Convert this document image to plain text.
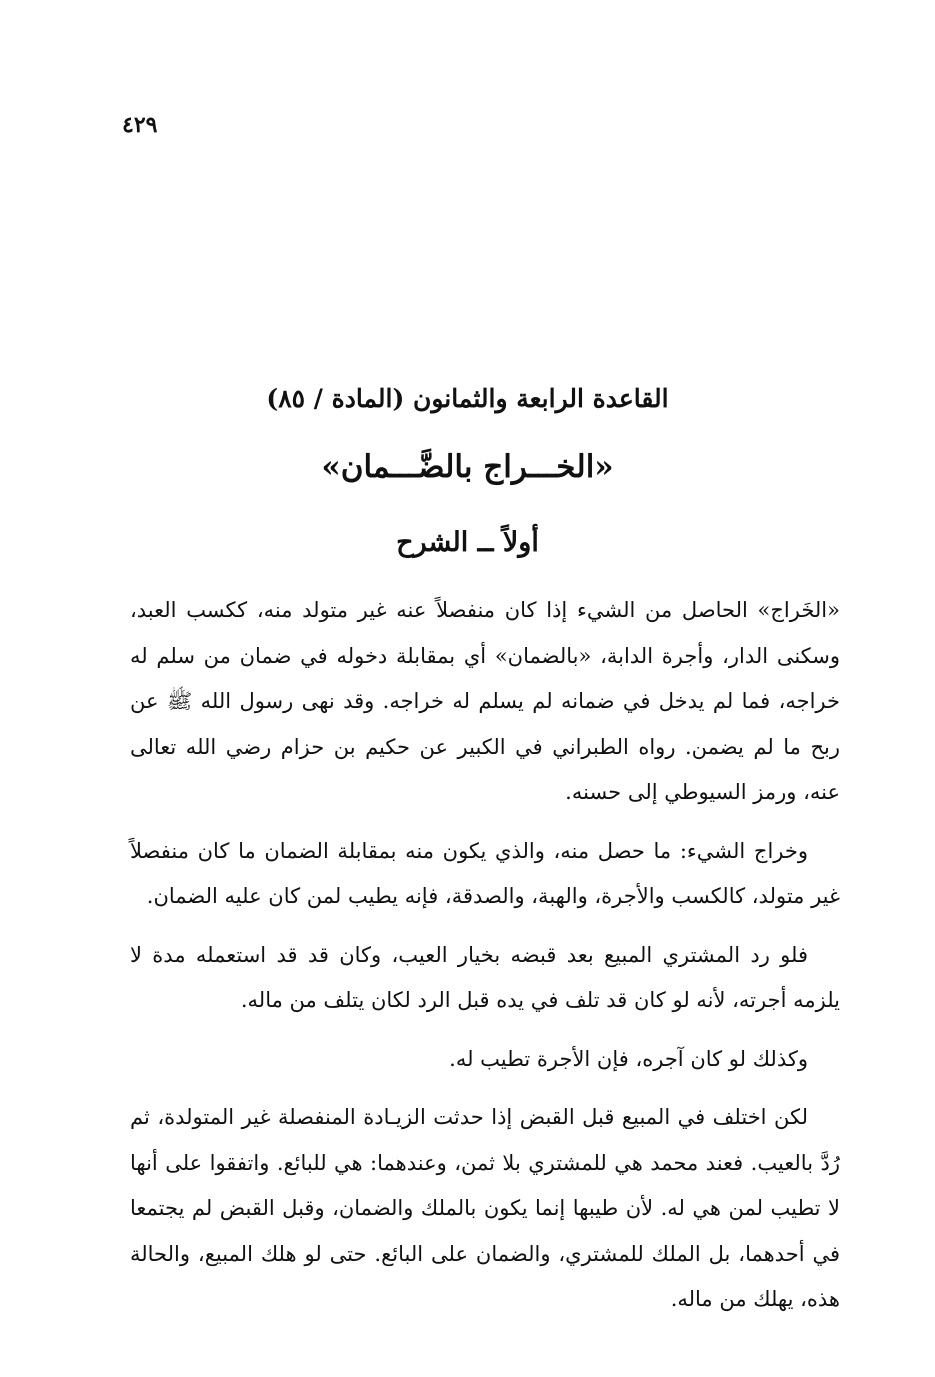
٤٢٩
القاعدة الرابعة والثمانون (المادة / ٨٥)
«الخـــراج بالضَّـــمان»
أولاً ــ الشرح

«الخَراج» الحاصل من الشيء إذا كان منفصلاً عنه غير متولد منه، ككسب العبد، وسكنى الدار، وأجرة الدابة، «بالضمان» أي بمقابلة دخوله في ضمان من سلم له خراجه، فما لم يدخل في ضمانه لم يسلم له خراجه. وقد نهى رسول الله ﷺ عن ربح ما لم يضمن. رواه الطبراني في الكبير عن حكيم بن حزام رضي الله تعالى عنه، ورمز السيوطي إلى حسنه.

وخراج الشيء: ما حصل منه، والذي يكون منه بمقابلة الضمان ما كان منفصلاً غير متولد، كالكسب والأجرة، والهبة، والصدقة، فإنه يطيب لمن كان عليه الضمان.

فلو رد المشتري المبيع بعد قبضه بخيار العيب، وكان قد قد استعمله مدة لا يلزمه أجرته، لأنه لو كان قد تلف في يده قبل الرد لكان يتلف من ماله.

وكذلك لو كان آجره، فإن الأجرة تطيب له.

لكن اختلف في المبيع قبل القبض إذا حدثت الزيـادة المنفصلة غير المتولدة، ثم رُدَّ بالعيب. فعند محمد هي للمشتري بلا ثمن، وعندهما: هي للبائع. واتفقوا على أنها لا تطيب لمن هي له. لأن طيبها إنما يكون بالملك والضمان، وقبل القبض لم يجتمعا في أحدهما، بل الملك للمشتري، والضمان على البائع. حتى لو هلك المبيع، والحالة هذه، يهلك من ماله.
